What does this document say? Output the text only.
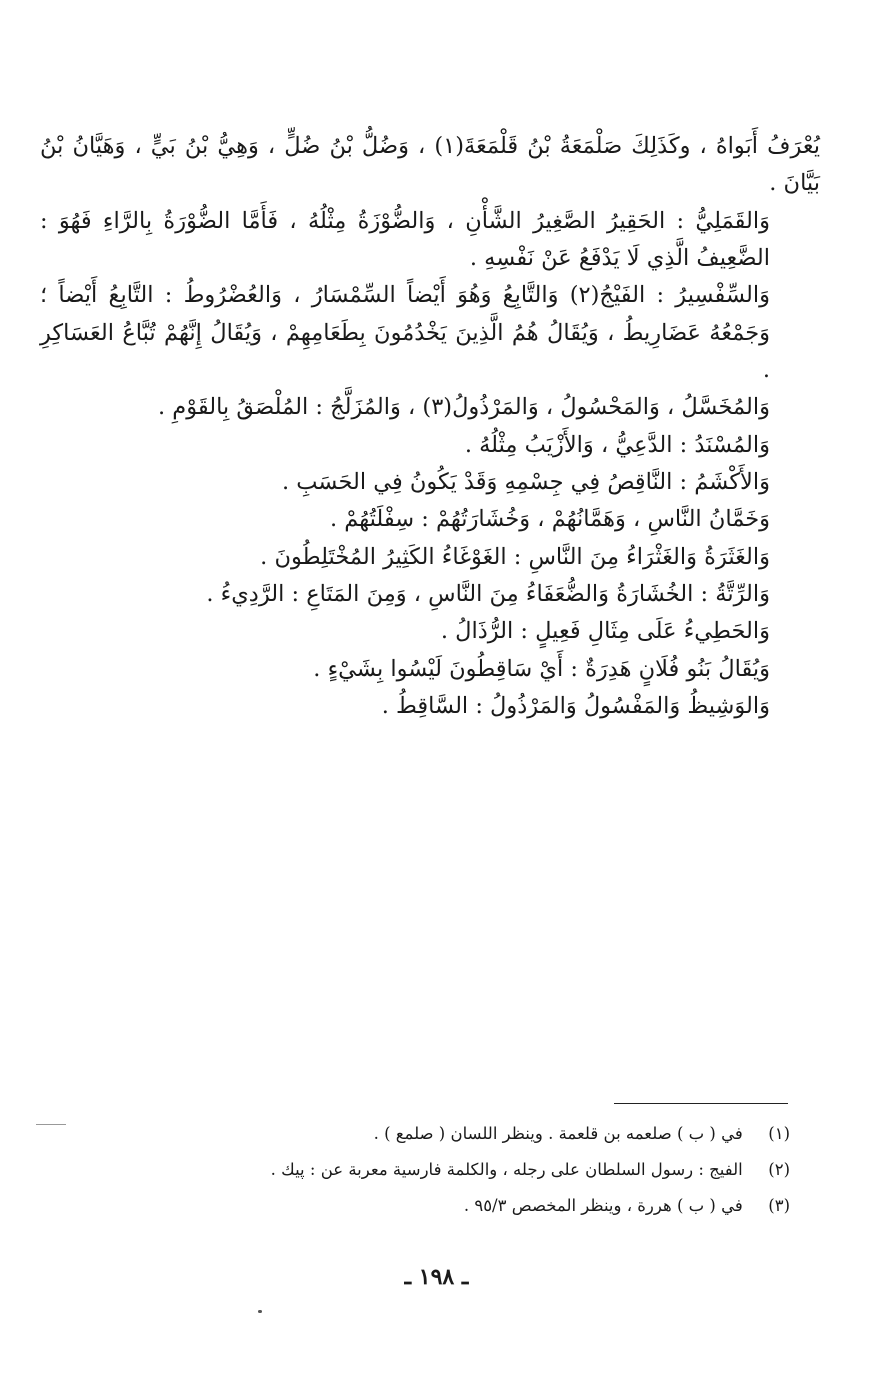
يُعْرَفُ أَبَواهُ ، وكَذَلِكَ صَلْمَعَةُ بْنُ قَلْمَعَةَ(١) ، وَضُلُّ بْنُ ضُلٍّ ، وَهِيُّ بْنُ بَيٍّ ، وَهَيَّانُ بْنُ بَيَّانَ .

وَالقَمَلِيُّ : الحَقِيرُ الصَّغِيرُ الشَّأْنِ ، وَالضُّوْزَةُ مِثْلُهُ ، فَأَمَّا الضُّوْرَةُ بِالرَّاءِ فَهُوَ : الضَّعِيفُ الَّذِي لَا يَدْفَعُ عَنْ نَفْسِهِ .

وَالسِّفْسِيرُ : الفَيْجُ(٢) وَالتَّابِعُ وَهُوَ أَيْضاً السِّمْسَارُ ، وَالعُضْرُوطُ : التَّابِعُ أَيْضاً ؛ وَجَمْعُهُ عَضَارِيطُ ، وَيُقَالُ هُمُ الَّذِينَ يَخْدُمُونَ بِطَعَامِهِمْ ، وَيُقَالُ إِنَّهُمْ تُبَّاعُ العَسَاكِرِ .

وَالمُخَسَّلُ ، وَالمَحْسُولُ ، وَالمَرْذُولُ(٣) ، وَالمُزَلَّجُ : المُلْصَقُ بِالقَوْمِ .

وَالمُسْنَدُ : الدَّعِيُّ ، وَالأَزْيَبُ مِثْلُهُ .

وَالأَكْشَمُ : النَّاقِصُ فِي جِسْمِهِ وَقَدْ يَكُونُ فِي الحَسَبِ .

وَخَمَّانُ النَّاسِ ، وَهَمَّانُهُمْ ، وَخُشَارَتُهُمْ : سِفْلَتُهُمْ .

وَالغَثَرَةُ وَالغَثْرَاءُ مِنَ النَّاسِ : الغَوْغَاءُ الكَثِيرُ المُخْتَلِطُونَ .

وَالرِّتَّةُ : الخُشَارَةُ وَالضُّعَفَاءُ مِنَ النَّاسِ ، وَمِنَ المَتَاعِ : الرَّدِيءُ .

وَالحَطِيءُ عَلَى مِثَالِ فَعِيلٍ : الرُّذَالُ .

وَيُقَالُ بَنُو فُلَانٍ هَدِرَةٌ : أَيْ سَاقِطُونَ لَيْسُوا بِشَيْءٍ .

وَالوَشِيظُ وَالمَفْسُولُ وَالمَرْذُولُ : السَّاقِطُ .

(١) في ( ب ) صلعمه بن قلعمة . وينظر اللسان ( صلمع ) .
(٢) الفيج : رسول السلطان على رجله ، والكلمة فارسية معربة عن : پيك .
(٣) في ( ب ) هررة ، وينظر المخصص ٩٥/٣ .
ـ ١٩٨ ـ
